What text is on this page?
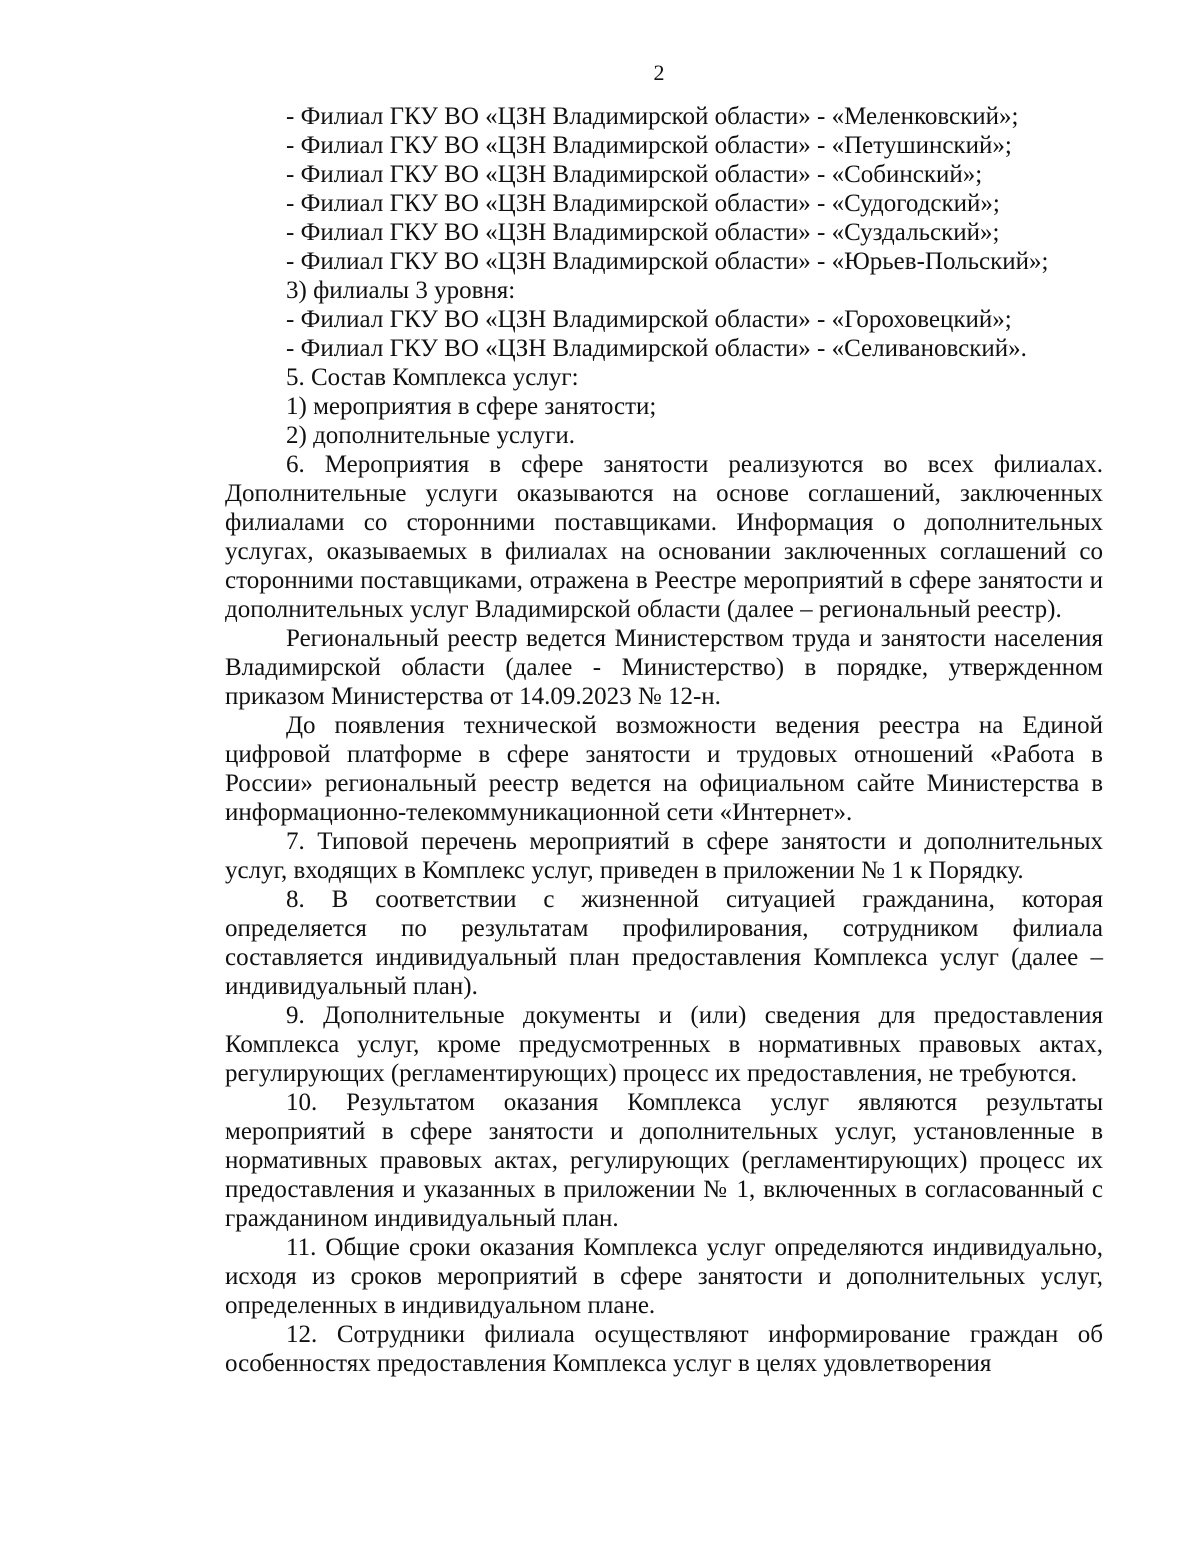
2

- Филиал ГКУ ВО «ЦЗН Владимирской области» - «Меленковский»;

- Филиал ГКУ ВО «ЦЗН Владимирской области» - «Петушинский»;

- Филиал ГКУ ВО «ЦЗН Владимирской области» - «Собинский»;

- Филиал ГКУ ВО «ЦЗН Владимирской области» - «Судогодский»;

- Филиал ГКУ ВО «ЦЗН Владимирской области» - «Суздальский»;

- Филиал ГКУ ВО «ЦЗН Владимирской области» - «Юрьев-Польский»;

3) филиалы 3 уровня:

- Филиал ГКУ ВО «ЦЗН Владимирской области» - «Гороховецкий»;

- Филиал ГКУ ВО «ЦЗН Владимирской области» - «Селивановский».

5. Состав Комплекса услуг:

1) мероприятия в сфере занятости;

2) дополнительные услуги.

6. Мероприятия в сфере занятости реализуются во всех филиалах. Дополнительные услуги оказываются на основе соглашений, заключенных филиалами со сторонними поставщиками. Информация о дополнительных услугах, оказываемых в филиалах на основании заключенных соглашений со сторонними поставщиками, отражена в Реестре мероприятий в сфере занятости и дополнительных услуг Владимирской области (далее – региональный реестр).

Региональный реестр ведется Министерством труда и занятости населения Владимирской области (далее - Министерство) в порядке, утвержденном приказом Министерства от 14.09.2023 № 12-н.

До появления технической возможности ведения реестра на Единой цифровой платформе в сфере занятости и трудовых отношений «Работа в России» региональный реестр ведется на официальном сайте Министерства в информационно-телекоммуникационной сети «Интернет».

7. Типовой перечень мероприятий в сфере занятости и дополнительных услуг, входящих в Комплекс услуг, приведен в приложении № 1 к Порядку.

8. В соответствии с жизненной ситуацией гражданина, которая определяется по результатам профилирования, сотрудником филиала составляется индивидуальный план предоставления Комплекса услуг (далее – индивидуальный план).

9. Дополнительные документы и (или) сведения для предоставления Комплекса услуг, кроме предусмотренных в нормативных правовых актах, регулирующих (регламентирующих) процесс их предоставления, не требуются.

10. Результатом оказания Комплекса услуг являются результаты мероприятий в сфере занятости и дополнительных услуг, установленные в нормативных правовых актах, регулирующих (регламентирующих) процесс их предоставления и указанных в приложении № 1, включенных в согласованный с гражданином индивидуальный план.

11. Общие сроки оказания Комплекса услуг определяются индивидуально, исходя из сроков мероприятий в сфере занятости и дополнительных услуг, определенных в индивидуальном плане.

12. Сотрудники филиала осуществляют информирование граждан об особенностях предоставления Комплекса услуг в целях удовлетворения
